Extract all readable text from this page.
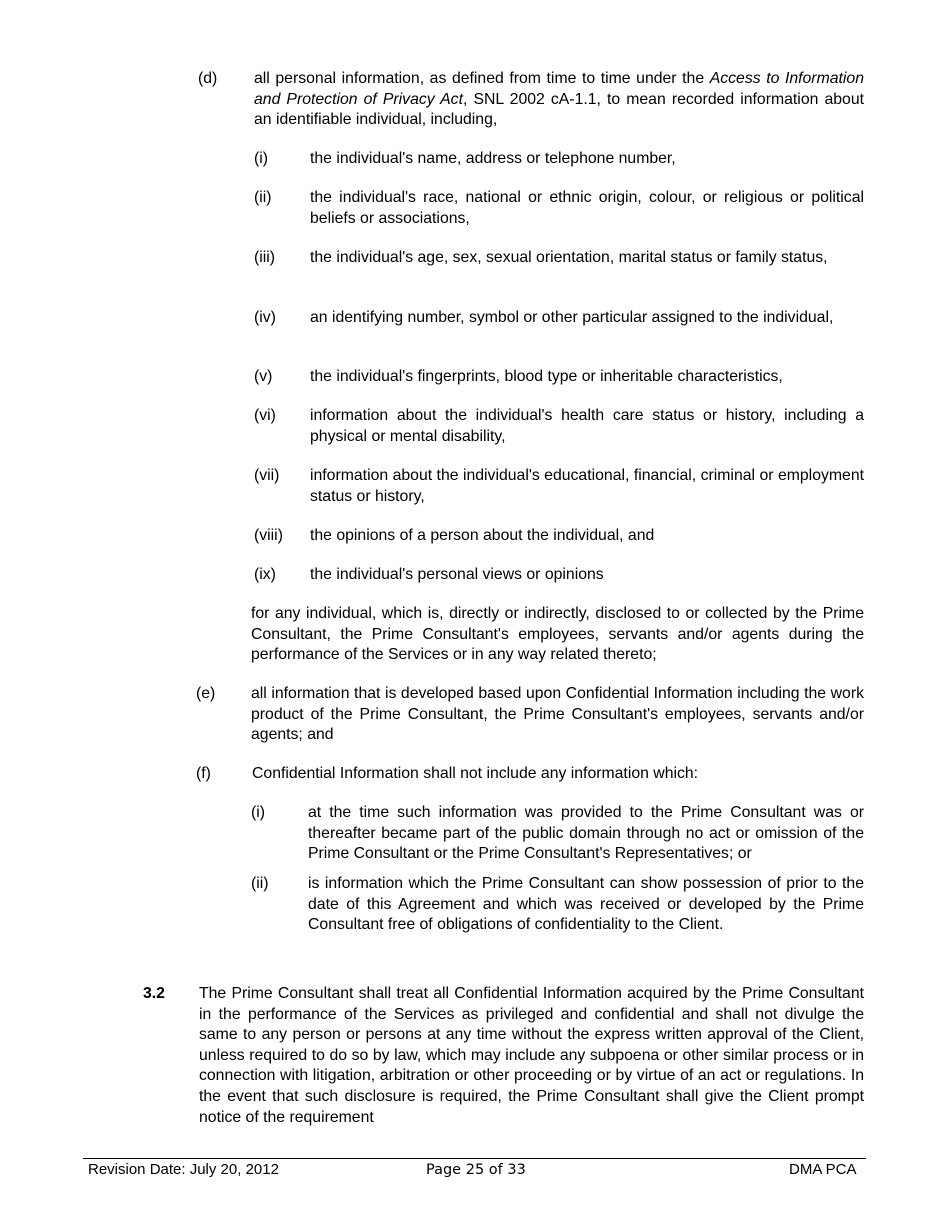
(d) all personal information, as defined from time to time under the Access to Information and Protection of Privacy Act, SNL 2002 cA-1.1, to mean recorded information about an identifiable individual, including,

(i)	the individual's name, address or telephone number,

(ii) the individual's race, national or ethnic origin, colour, or religious or political beliefs or associations,

(iii) the individual's age, sex, sexual orientation, marital status or family status,

(iv) an identifying number, symbol or other particular assigned to the individual,

(v) the individual's fingerprints, blood type or inheritable characteristics,

(vi) information about the individual's health care status or history, including a physical or mental disability,

(vii) information about the individual's educational, financial, criminal or employment status or history,

(viii) the opinions of a person about the individual, and

(ix) the individual's personal views or opinions

for any individual, which is, directly or indirectly, disclosed to or collected by the Prime Consultant, the Prime Consultant's employees, servants and/or agents during the performance of the Services or in any way related thereto;

(e) all information that is developed based upon Confidential Information including the work product of the Prime Consultant, the Prime Consultant's employees, servants and/or agents; and

(f)	Confidential Information shall not include any information which:

(i)	at the time such information was provided to the Prime Consultant was or thereafter became part of the public domain through no act or omission of the Prime Consultant or the Prime Consultant's Representatives; or

(ii) is information which the Prime Consultant can show possession of prior to the date of this Agreement and which was received or developed by the Prime Consultant free of obligations of confidentiality to the Client.

3.2 The Prime Consultant shall treat all Confidential Information acquired by the Prime Consultant in the performance of the Services as privileged and confidential and shall not divulge the same to any person or persons at any time without the express written approval of the Client, unless required to do so by law, which may include any subpoena or other similar process or in connection with litigation, arbitration or other proceeding or by virtue of an act or regulations. In the event that such disclosure is required, the Prime Consultant shall give the Client prompt notice of the requirement

Revision Date: July 20, 2012	Page 25 of 33	DMA PCA
